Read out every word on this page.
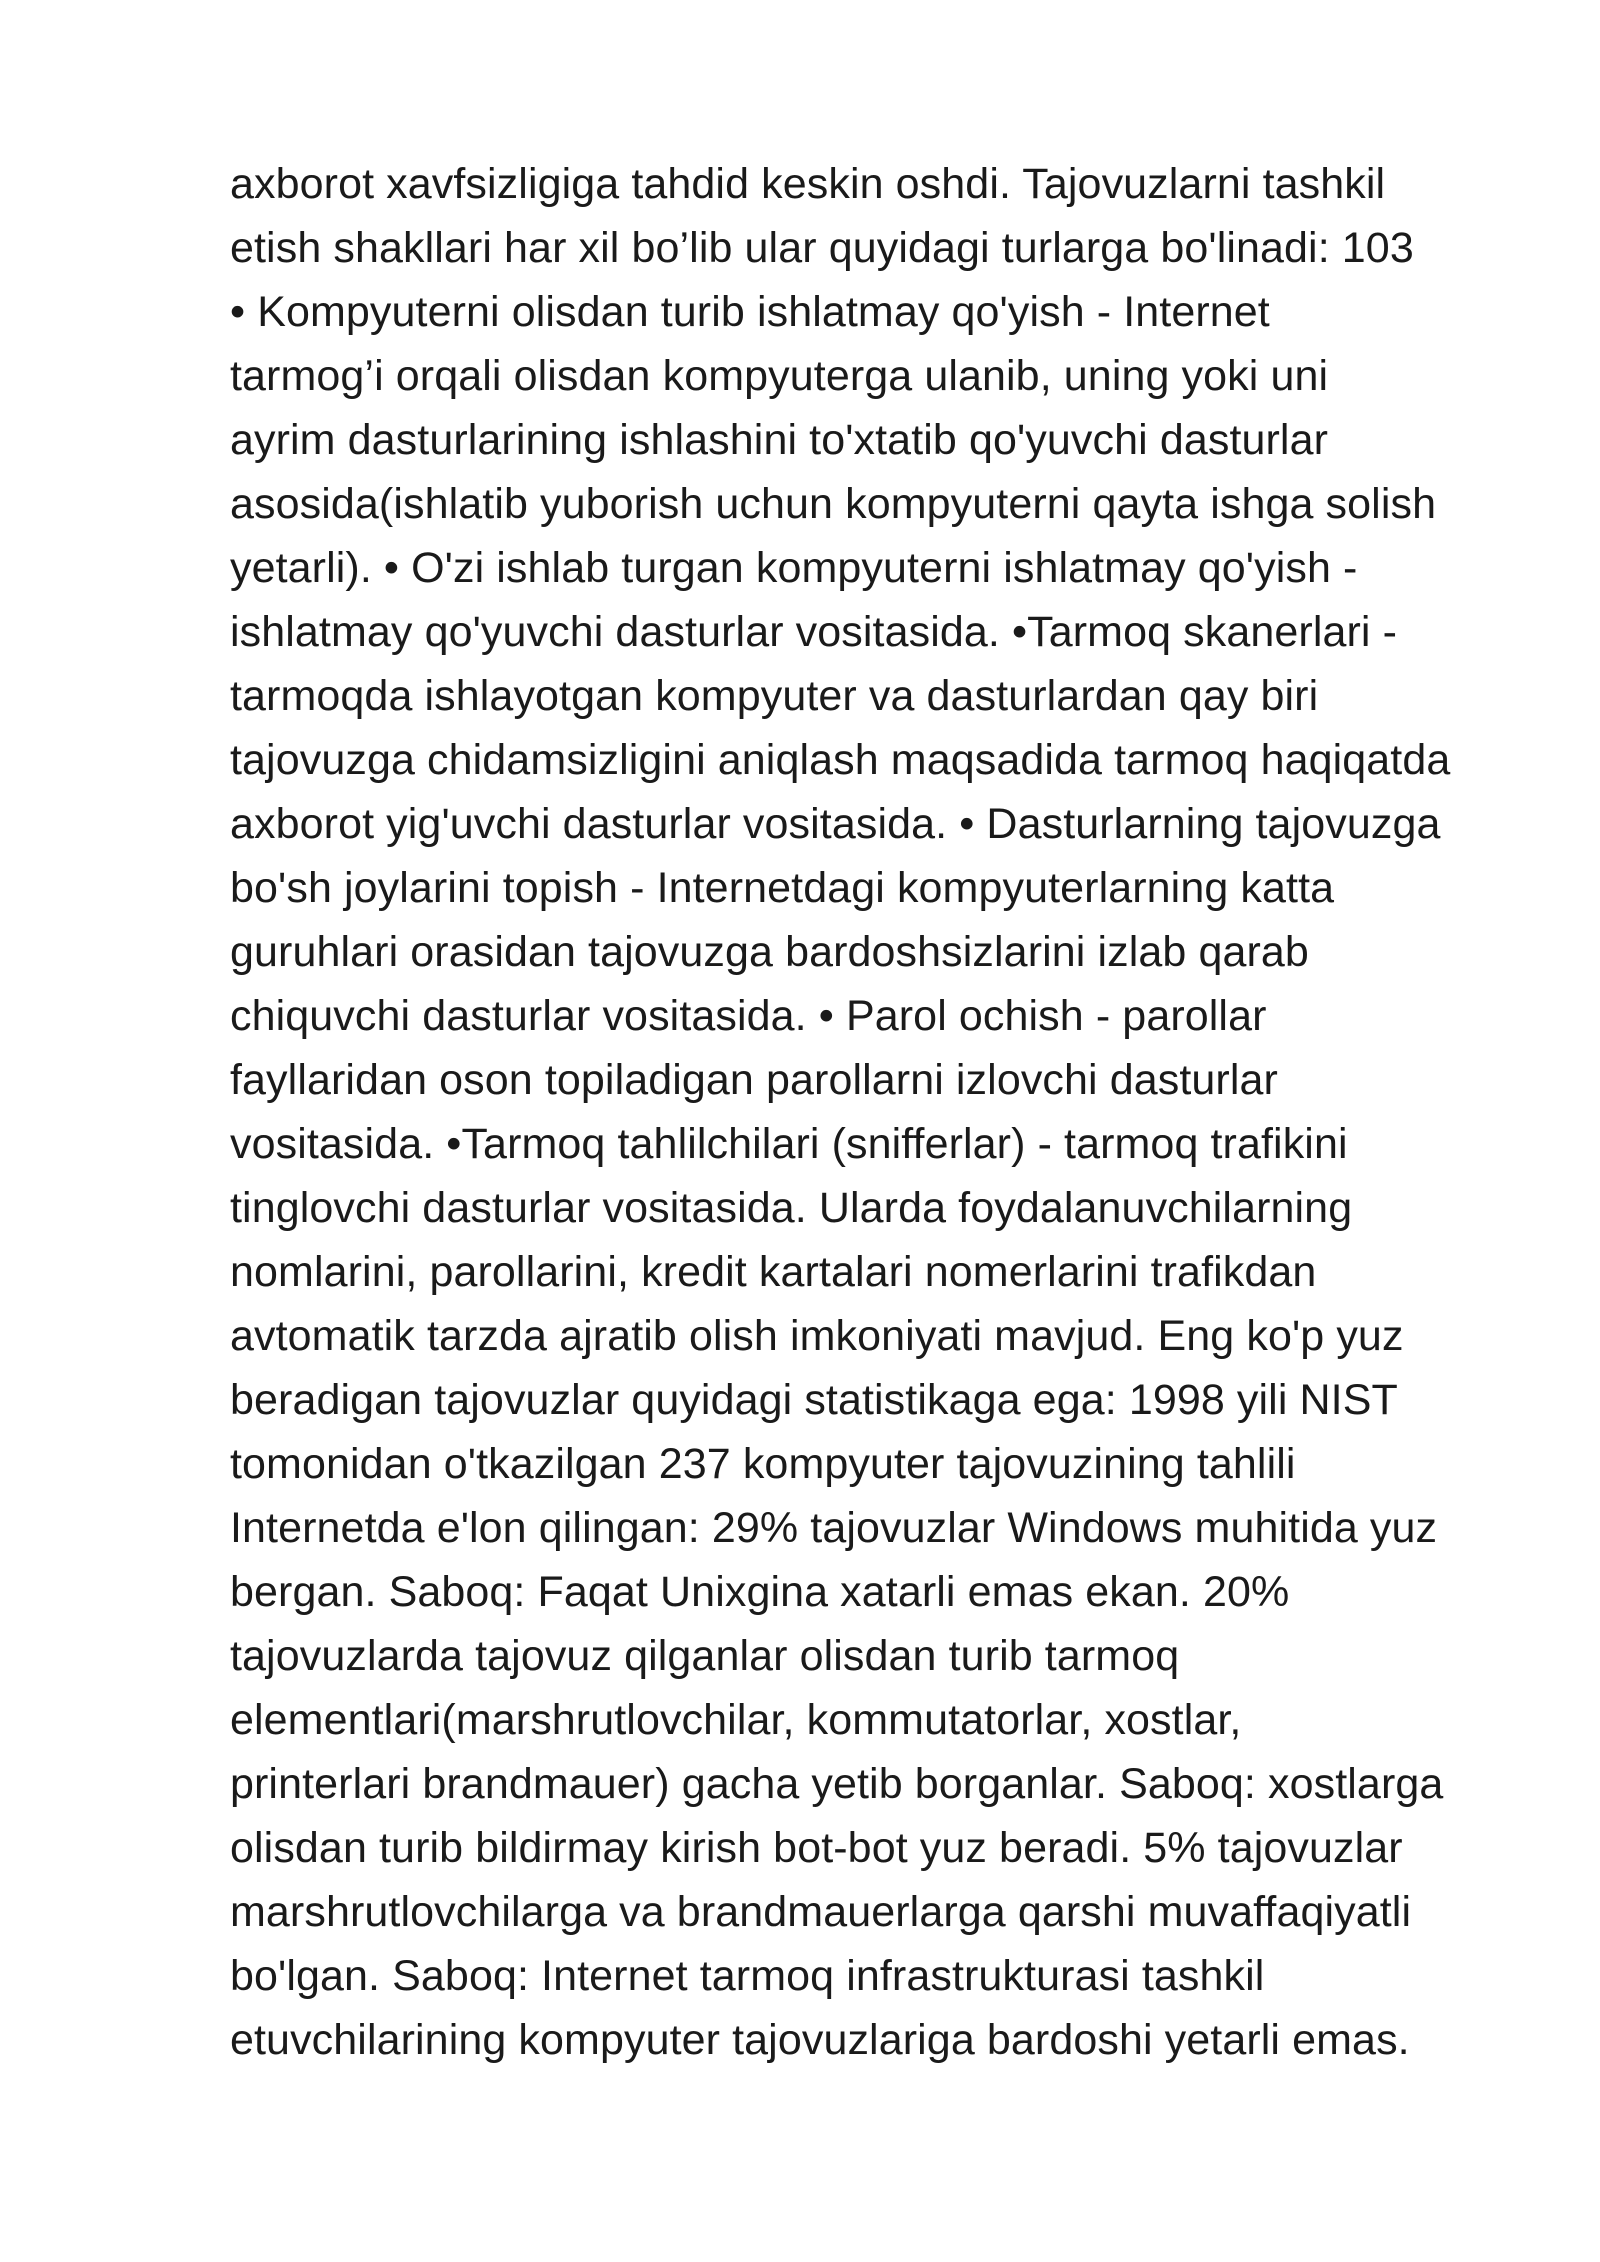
axborot xavfsizligiga tahdid keskin oshdi. Tajovuzlarni tashkil
etish shakllari har xil bo’lib ular quyidagi turlarga bo'linadi: 103
• Kompyuterni olisdan turib ishlatmay qo'yish - Internet
tarmog’i orqali olisdan kompyuterga ulanib, uning yoki uni
ayrim dasturlarining ishlashini to'xtatib qo'yuvchi dasturlar
asosida(ishlatib yuborish uchun kompyuterni qayta ishga solish
yetarli). • O'zi ishlab turgan kompyuterni ishlatmay qo'yish -
ishlatmay qo'yuvchi dasturlar vositasida. •Tarmoq skanerlari -
tarmoqda ishlayotgan kompyuter va dasturlardan qay biri
tajovuzga chidamsizligini aniqlash maqsadida tarmoq haqiqatda
axborot yig'uvchi dasturlar vositasida. • Dasturlarning tajovuzga
bo'sh joylarini topish - Internetdagi kompyuterlarning katta
guruhlari orasidan tajovuzga bardoshsizlarini izlab qarab
chiquvchi dasturlar vositasida. • Parol ochish - parollar
fayllaridan oson topiladigan parollarni izlovchi dasturlar
vositasida. •Tarmoq tahlilchilari (snifferlar) - tarmoq trafikini
tinglovchi dasturlar vositasida. Ularda foydalanuvchilarning
nomlarini, parollarini, kredit kartalari nomerlarini trafikdan
avtomatik tarzda ajratib olish imkoniyati mavjud. Eng ko'p yuz
beradigan tajovuzlar quyidagi statistikaga ega: 1998 yili NIST
tomonidan o'tkazilgan 237 kompyuter tajovuzining tahlili
Internetda e'lon qilingan: 29% tajovuzlar Windows muhitida yuz
bergan. Saboq: Faqat Unixgina xatarli emas ekan. 20%
tajovuzlarda tajovuz qilganlar olisdan turib tarmoq
elementlari(marshrutlovchilar, kommutatorlar, xostlar,
printerlari brandmauer) gacha yetib borganlar. Saboq: xostlarga
olisdan turib bildirmay kirish bot-bot yuz beradi. 5% tajovuzlar
marshrutlovchilarga va brandmauerlarga qarshi muvaffaqiyatli
bo'lgan. Saboq: Internet tarmoq infrastrukturasi tashkil
etuvchilarining kompyuter tajovuzlariga bardoshi yetarli emas.
